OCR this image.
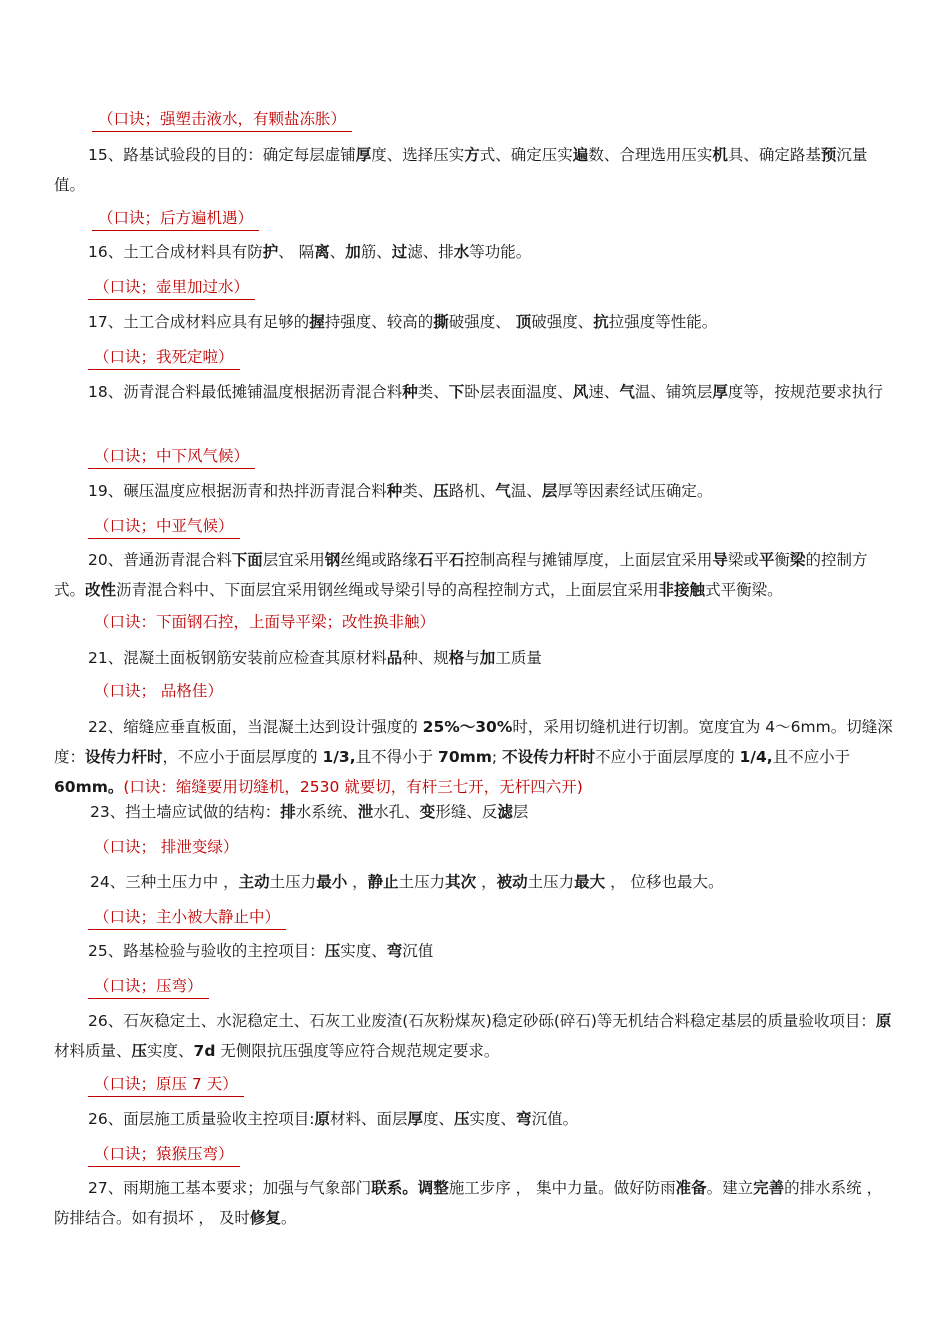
（口诀；强塑击液水，有颗盐冻胀）

15、路基试验段的目的：确定每层虚铺厚度、选择压实方式、确定压实遍数、合理选用压实机具、确定路基预沉量值。

（口诀；后方遍机遇）

16、土工合成材料具有防护、 隔离、加筋、过滤、排水等功能。

（口诀；壶里加过水）

17、土工合成材料应具有足够的握持强度、较高的撕破强度、 顶破强度、抗拉强度等性能。

（口诀；我死定啦）

18、沥青混合料最低摊铺温度根据沥青混合料种类、下卧层表面温度、风速、气温、铺筑层厚度等，按规范要求执行

（口诀；中下风气候）

19、碾压温度应根据沥青和热拌沥青混合料种类、压路机、气温、层厚等因素经试压确定。

（口诀；中亚气候）

20、普通沥青混合料下面层宜采用钢丝绳或路缘石平石控制高程与摊铺厚度，上面层宜采用导梁或平衡梁的控制方式。改性沥青混合料中、下面层宜采用钢丝绳或导梁引导的高程控制方式，上面层宜采用非接触式平衡梁。

（口诀：下面钢石控，上面导平梁；改性换非触）

21、混凝土面板钢筋安装前应检查其原材料品种、规格与加工质量

（口诀； 品格佳）

22、缩缝应垂直板面，当混凝土达到设计强度的 25%～30%时，采用切缝机进行切割。宽度宜为 4～6mm。切缝深度：设传力杆时，不应小于面层厚度的 1/3,且不得小于 70mm; 不设传力杆时不应小于面层厚度的 1/4,且不应小于 60mm。(口诀：缩缝要用切缝机，2530 就要切，有杆三七开，无杆四六开)

23、挡土墙应试做的结构：排水系统、泄水孔、变形缝、反滤层

（口诀； 排泄变绿）

24、三种土压力中 ，主动土压力最小 ，静止土压力其次 ，被动土压力最大 ， 位移也最大。

（口诀；主小被大静止中）

25、路基检验与验收的主控项目：压实度、弯沉值

（口诀；压弯）

26、石灰稳定土、水泥稳定土、石灰工业废渣(石灰粉煤灰)稳定砂砾(碎石)等无机结合料稳定基层的质量验收项目：原材料质量、压实度、7d 无侧限抗压强度等应符合规范规定要求。

（口诀；原压 7 天）

26、面层施工质量验收主控项目:原材料、面层厚度、压实度、弯沉值。

（口诀；猿猴压弯）

27、雨期施工基本要求；加强与气象部门联系。调整施工步序 ， 集中力量。做好防雨准备。建立完善的排水系统 ， 防排结合。如有损坏 ， 及时修复。
